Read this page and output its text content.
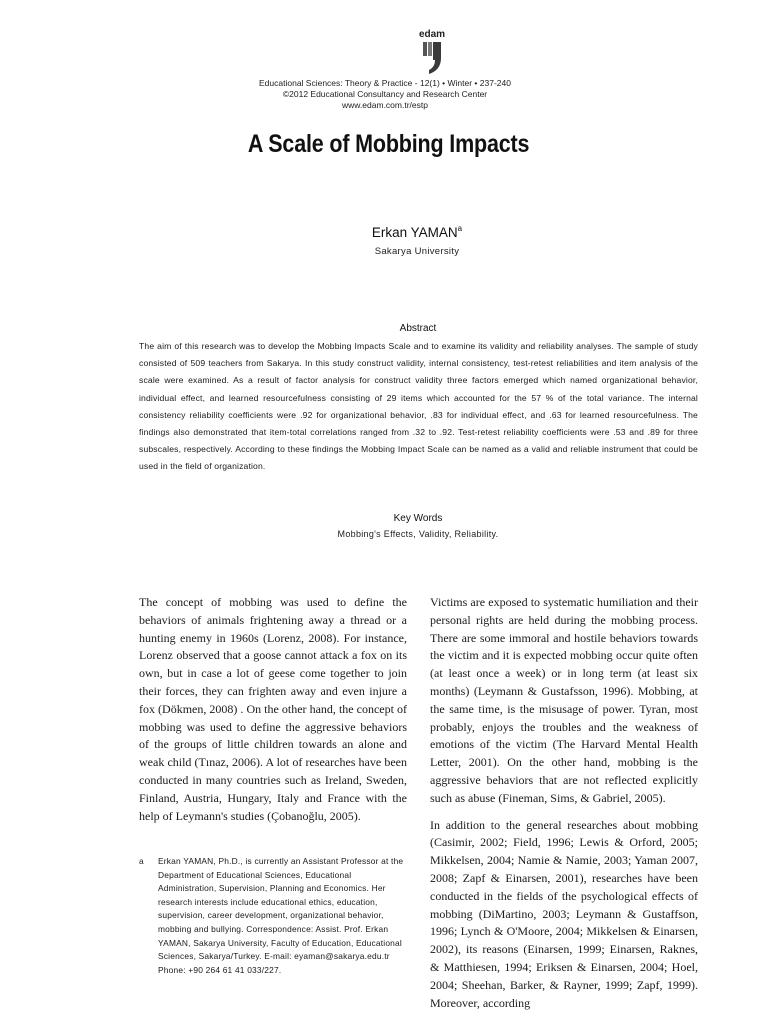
edam
Educational Sciences: Theory & Practice - 12(1) • Winter • 237-240
©2012 Educational Consultancy and Research Center
www.edam.com.tr/estp
A Scale of Mobbing Impacts
Erkan YAMAN$^a$
Sakarya University
Abstract

The aim of this research was to develop the Mobbing Impacts Scale and to examine its validity and reliability analyses. The sample of study consisted of 509 teachers from Sakarya. In this study construct validity, internal consistency, test-retest reliabilities and item analysis of the scale were examined. As a result of factor analysis for construct validity three factors emerged which named organizational behavior, individual effect, and learned resourcefulness consisting of 29 items which accounted for the 57 % of the total variance. The internal consistency reliability coefficients were .92 for organizational behavior, .83 for individual effect, and .63 for learned resourcefulness. The findings also demonstrated that item-total correlations ranged from .32 to .92. Test-retest reliability coefficients were .53 and .89 for three subscales, respectively. According to these findings the Mobbing Impact Scale can be named as a valid and reliable instrument that could be used in the field of organization.

Key Words
Mobbing's Effects, Validity, Reliability.

The concept of mobbing was used to define the behaviors of animals frightening away a thread or a hunting enemy in 1960s (Lorenz, 2008). For instance, Lorenz observed that a goose cannot attack a fox on its own, but in case a lot of geese come together to join their forces, they can frighten away and even injure a fox (Dökmen, 2008) . On the other hand, the concept of mobbing was used to define the aggressive behaviors of the groups of little children towards an alone and weak child (Tınaz, 2006). A lot of researches have been conducted in many countries such as Ireland, Sweden, Finland, Austria, Hungary, Italy and France with the help of Leymann's studies (Çobanoğlu, 2005).

Victims are exposed to systematic humiliation and their personal rights are held during the mobbing process. There are some immoral and hostile behaviors towards the victim and it is expected mobbing occur quite often (at least once a week) or in long term (at least six months) (Leymann & Gustafsson, 1996). Mobbing, at the same time, is the misusage of power. Tyran, most probably, enjoys the troubles and the weakness of emotions of the victim (The Harvard Mental Health Letter, 2001). On the other hand, mobbing is the aggressive behaviors that are not reflected explicitly such as abuse (Fineman, Sims, & Gabriel, 2005).

In addition to the general researches about mobbing (Casimir, 2002; Field, 1996; Lewis & Orford, 2005; Mikkelsen, 2004; Namie & Namie, 2003; Yaman 2007, 2008; Zapf & Einarsen, 2001), researches have been conducted in the fields of the psychological effects of mobbing (DiMartino, 2003; Leymann & Gustaffson, 1996; Lynch & O'Moore, 2004; Mikkelsen & Einarsen, 2002), its reasons (Einarsen, 1999; Einarsen, Raknes, & Matthiesen, 1994; Eriksen & Einarsen, 2004; Hoel, 2004; Sheehan, Barker, & Rayner, 1999; Zapf, 1999). Moreover, according

a Erkan YAMAN, Ph.D., is currently an Assistant Professor at the Department of Educational Sciences, Educational Administration, Supervision, Planning and Economics. Her research interests include educational ethics, education, supervision, career development, organizational behavior, mobbing and bullying. Correspondence: Assist. Prof. Erkan YAMAN, Sakarya University, Faculty of Education, Educational Sciences, Sakarya/Turkey. E-mail: eyaman@sakarya.edu.tr Phone: +90 264 61 41 033/227.
